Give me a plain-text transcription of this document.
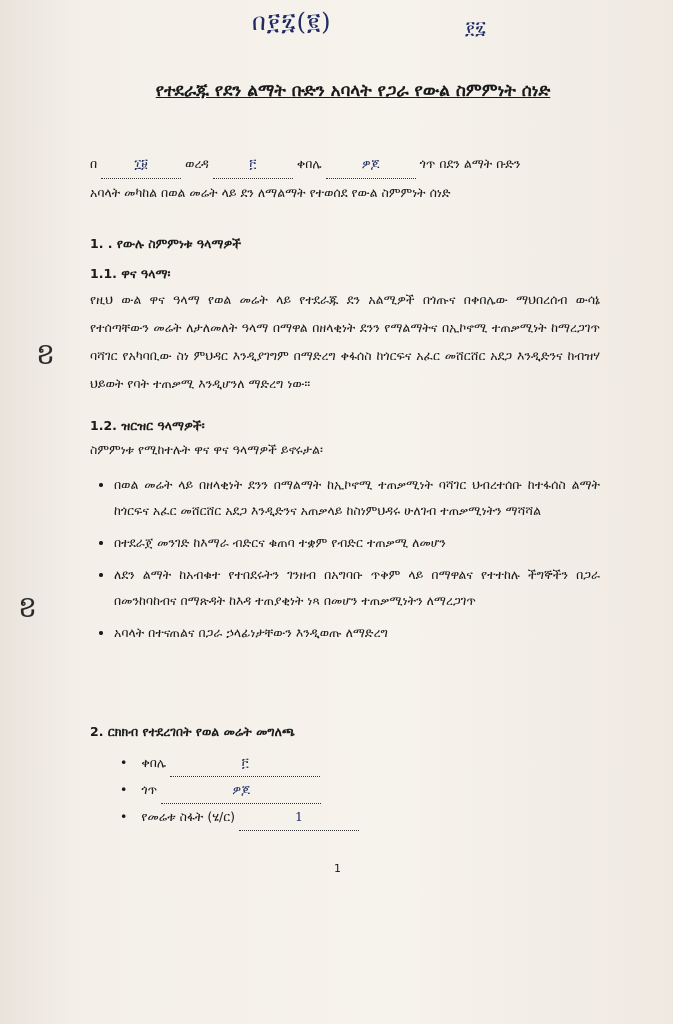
በ፻፯(፪)	፻፯
የተደራጁ የደን ልማት ቡድን አባላት የጋራ የውል ስምምነት ሰነድ
በ	፲፱	ወረዳ	፫	ቀበሌ	ዎጆ	ጎጥ በደን ልማት ቡድን
አባላት መካከል በወል መሬት ላይ ደን ለማልማት የተወሰደ የውል ስምምነት ሰነድ
1. . የውሉ ስምምነቱ ዓላማዎች
1.1. ዋና ዓላማ፡
የዚህ ውል ዋና ዓላማ የወል መሬት ላይ የተደራጁ ደን አልሚዎች በጎጡና በቀበሌው ማህበረሰብ ውሳኔ የተሰጣቸውን መሬት ለታለመለት ዓላማ በማዋል በዘላቂነት ደንን የማልማትና በኢኮኖሚ ተጠቃሚነት ከማረጋገጥ ባሻገር የአካባቢው ስነ ምህዳር እንዲያገግም በማድረግ ቀፋሰስ ከጎርፍና አፈር መሸርሸር አደጋ እንዲድንና ከብዝሃ ህይወት የባት ተጠቃሚ እንዲሆንለ ማድረግ ነው፡፡
1.2. ዝርዝር ዓላማዎች፡
ስምምነቱ የሚከተሉት ዋና ዋና ዓላማዎች ይኖሩታል፡
• በወል መሬት ላይ በዘላቂነት ደንን በማልማት ከኢኮኖሚ ተጠቃሚነት ባሻገር ህብረተሰቡ ከተፋሰስ ልማት ከጎርፍና አፈር መሸርሸር አደጋ እንዲድንና አጠቃላይ ከስነምህዳሩ ሁለገብ ተጠቃሚነትን ማሻሻል
• በተደራጀ መንገድ ከእማራ ብድርና ቁጠባ ተቋም የብድር ተጠቃሚ ለመሆን
• ለደን ልማት ከአብቁተ የተበደሩትን ገንዘብ በአግባቡ ጥቅም ላይ በማዋልና የተተከሉ ችግኞችን በጋራ በመንከባከብና በማጽዳት ከእዳ ተጠያቂነት ነጻ በመሆን ተጠቃሚነትን ለማረጋገጥ
• አባላት በተናጠልና በጋራ ኃላፊነታቸውን እንዲወጡ ለማድረግ
2. ርክክብ የተደረገበት የወል መሬት መግለጫ
• ቀበሌ	፫
• ጎጥ	ዎጆ
• የመሬቱ ስፋት (ሄ/ር)	1
1
ខ
ខ
